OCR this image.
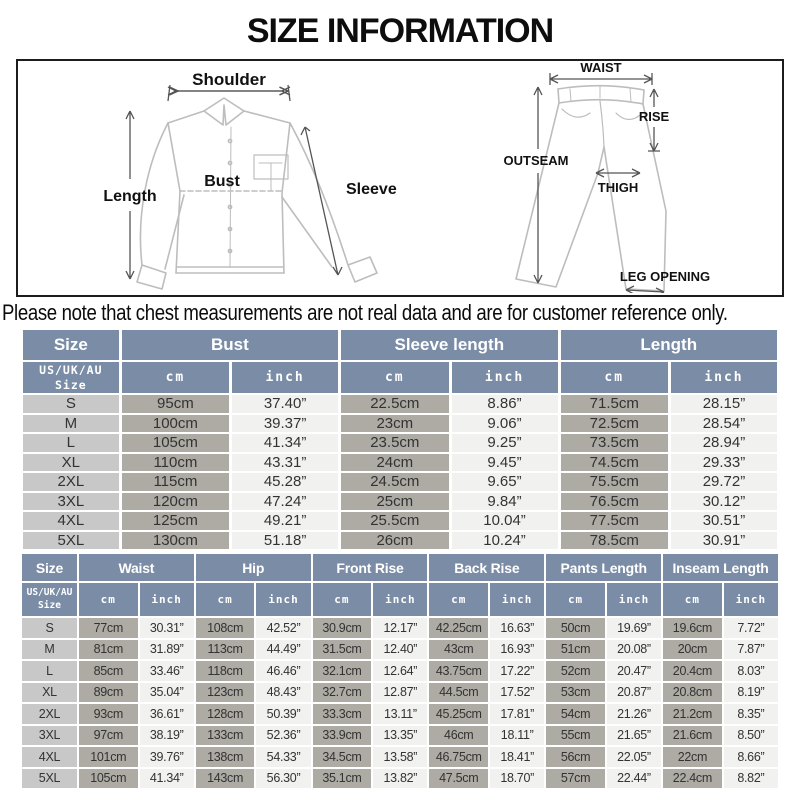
SIZE INFORMATION
Shoulder
Length
Bust	Sleeve
WAIST
RISE
OUTSEAM
THIGH
LEG OPENING

Please note that chest measurements are not real data and are for customer reference only.

Size	Bust		Sleeve length		Length	
US/UK/AU Size	cm	inch	cm	inch	cm	inch
S	95cm	37.40”	22.5cm	8.86”	71.5cm	28.15”
M	100cm	39.37”	23cm	9.06”	72.5cm	28.54”
L	105cm	41.34”	23.5cm	9.25”	73.5cm	28.94”
XL	110cm	43.31”	24cm	9.45”	74.5cm	29.33”
2XL	115cm	45.28”	24.5cm	9.65”	75.5cm	29.72”
3XL	120cm	47.24”	25cm	9.84”	76.5cm	30.12”
4XL	125cm	49.21”	25.5cm	10.04”	77.5cm	30.51”
5XL	130cm	51.18”	26cm	10.24”	78.5cm	30.91”
Size	Waist		Hip		Front Rise		Back Rise		Pants Length		Inseam Length	
US/UK/AU Size	cm	inch	cm	inch	cm	inch	cm	inch	cm	inch	cm	inch
S	77cm	30.31”	108cm	42.52”	30.9cm	12.17”	42.25cm	16.63”	50cm	19.69”	19.6cm	7.72”
M	81cm	31.89”	113cm	44.49”	31.5cm	12.40”	43cm	16.93”	51cm	20.08”	20cm	7.87”
L	85cm	33.46”	118cm	46.46”	32.1cm	12.64”	43.75cm	17.22”	52cm	20.47”	20.4cm	8.03”
XL	89cm	35.04”	123cm	48.43”	32.7cm	12.87”	44.5cm	17.52”	53cm	20.87”	20.8cm	8.19”
2XL	93cm	36.61”	128cm	50.39”	33.3cm	13.11”	45.25cm	17.81”	54cm	21.26”	21.2cm	8.35”
3XL	97cm	38.19”	133cm	52.36”	33.9cm	13.35”	46cm	18.11”	55cm	21.65”	21.6cm	8.50”
4XL	101cm	39.76”	138cm	54.33”	34.5cm	13.58”	46.75cm	18.41”	56cm	22.05”	22cm	8.66”
5XL	105cm	41.34”	143cm	56.30”	35.1cm	13.82”	47.5cm	18.70”	57cm	22.44”	22.4cm	8.82”
